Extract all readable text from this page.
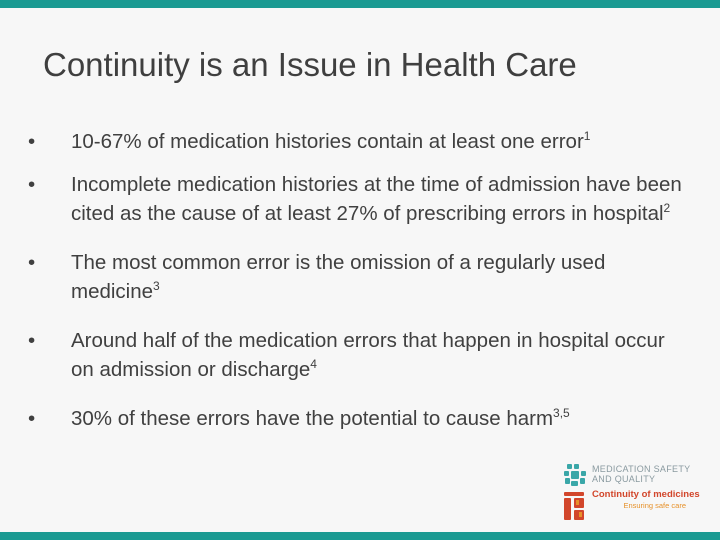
Continuity is an Issue in Health Care
•	10-67% of medication histories contain at least one error$^1$
•	Incomplete medication histories at the time of admission have been cited as the cause of at least 27% of prescribing errors in hospital$^2$
•	The most common error is the omission of a regularly used medicine$^3$
•	Around half of the medication errors that happen in hospital occur on admission or discharge$^4$
•	30% of these errors have the potential to cause harm$^{3,5}$
MEDICATION SAFETY
AND QUALITY
Continuity of medicines
Ensuring safe care
